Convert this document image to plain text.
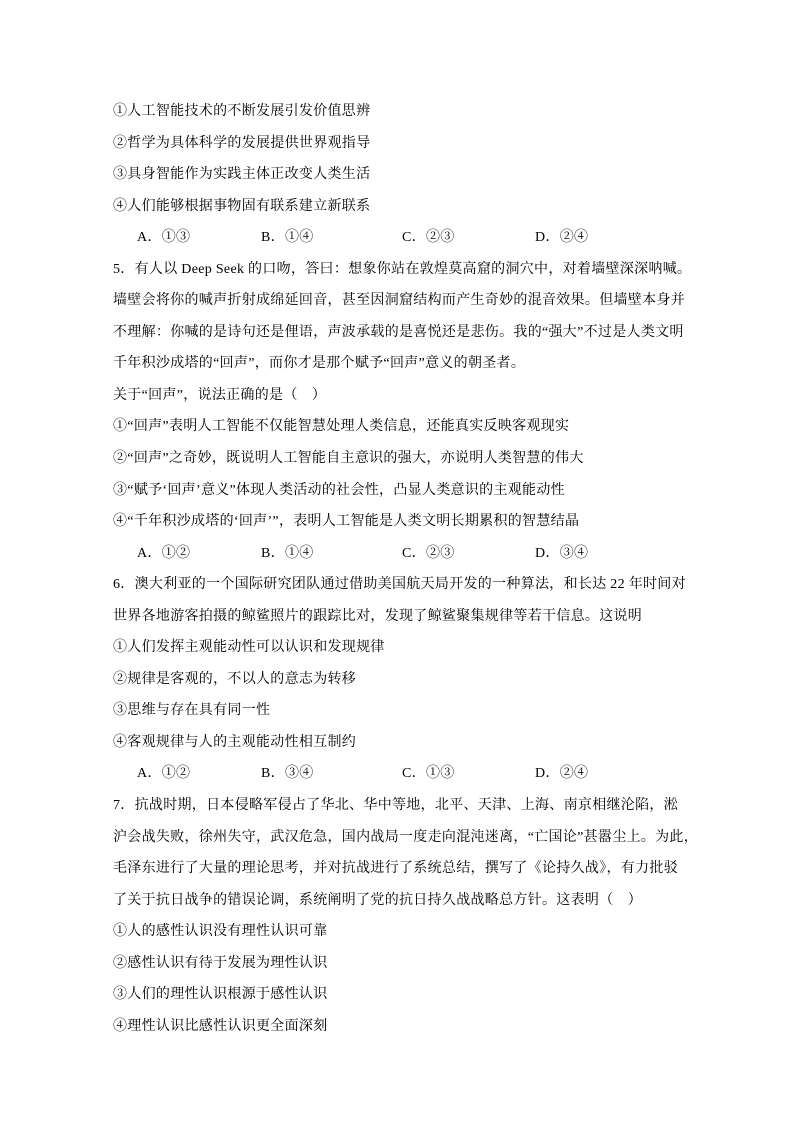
①人工智能技术的不断发展引发价值思辨
②哲学为具体科学的发展提供世界观指导
③具身智能作为实践主体正改变人类生活
④人们能够根据事物固有联系建立新联系
A．①③	B．①④	C．②③	D．②④
5．有人以 Deep Seek 的口吻，答曰：想象你站在敦煌莫高窟的洞穴中，对着墙壁深深呐喊。
墙壁会将你的喊声折射成绵延回音，甚至因洞窟结构而产生奇妙的混音效果。但墙壁本身并
不理解：你喊的是诗句还是俚语，声波承载的是喜悦还是悲伤。我的“强大”不过是人类文明
千年积沙成塔的“回声”，而你才是那个赋予“回声”意义的朝圣者。
关于“回声”，说法正确的是（　）
①“回声”表明人工智能不仅能智慧处理人类信息，还能真实反映客观现实
②“回声”之奇妙，既说明人工智能自主意识的强大，亦说明人类智慧的伟大
③“赋予‘回声’意义”体现人类活动的社会性，凸显人类意识的主观能动性
④“千年积沙成塔的‘回声’”，表明人工智能是人类文明长期累积的智慧结晶
A．①②	B．①④	C．②③	D．③④
6．澳大利亚的一个国际研究团队通过借助美国航天局开发的一种算法，和长达 22 年时间对
世界各地游客拍摄的鲸鲨照片的跟踪比对，发现了鲸鲨聚集规律等若干信息。这说明
①人们发挥主观能动性可以认识和发现规律
②规律是客观的，不以人的意志为转移
③思维与存在具有同一性
④客观规律与人的主观能动性相互制约
A．①②	B．③④	C．①③	D．②④
7．抗战时期，日本侵略军侵占了华北、华中等地，北平、天津、上海、南京相继沦陷，淞
沪会战失败，徐州失守，武汉危急，国内战局一度走向混沌迷离，“亡国论”甚嚣尘上。为此，
毛泽东进行了大量的理论思考，并对抗战进行了系统总结，撰写了《论持久战》，有力批驳
了关于抗日战争的错误论调，系统阐明了党的抗日持久战战略总方针。这表明（　）
①人的感性认识没有理性认识可靠
②感性认识有待于发展为理性认识
③人们的理性认识根源于感性认识
④理性认识比感性认识更全面深刻
